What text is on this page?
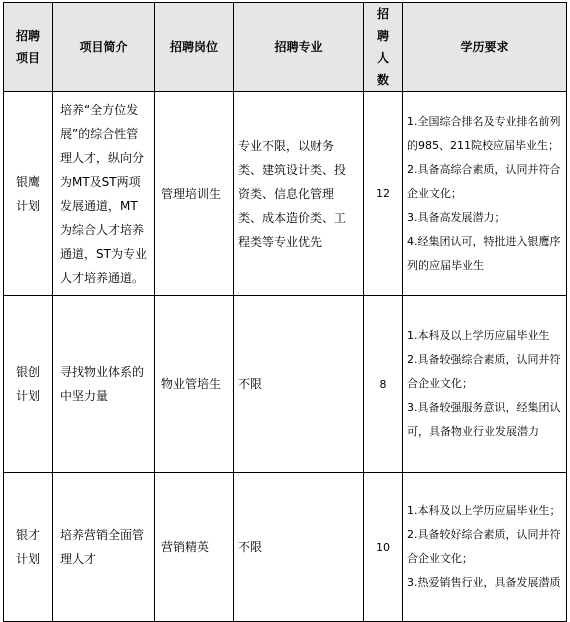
招聘项目	项目简介	招聘岗位	招聘专业	招聘人数	学历要求

银鹰计划	培养“全方位发展”的综合性管理人才，纵向分为MT及ST两项发展通道，MT为综合人才培养通道，ST为专业人才培养通道。	管理培训生	专业不限，以财务类、建筑设计类、投资类、信息化管理类、成本造价类、工程类等专业优先	12	1.全国综合排名及专业排名前列的985、211院校应届毕业生；
2.具备高综合素质，认同并符合企业文化；
3.具备高发展潜力；
4.经集团认可，特批进入银鹰序列的应届毕业生

银创计划	寻找物业体系的中坚力量	物业管培生	不限	8	1.本科及以上学历应届毕业生
2.具备较强综合素质，认同并符合企业文化；
3.具备较强服务意识，经集团认可，具备物业行业发展潜力

银才计划	培养营销全面管理人才	营销精英	不限	10	1.本科及以上学历应届毕业生；
2.具备较好综合素质，认同并符合企业文化；
3.热爱销售行业，具备发展潜质
